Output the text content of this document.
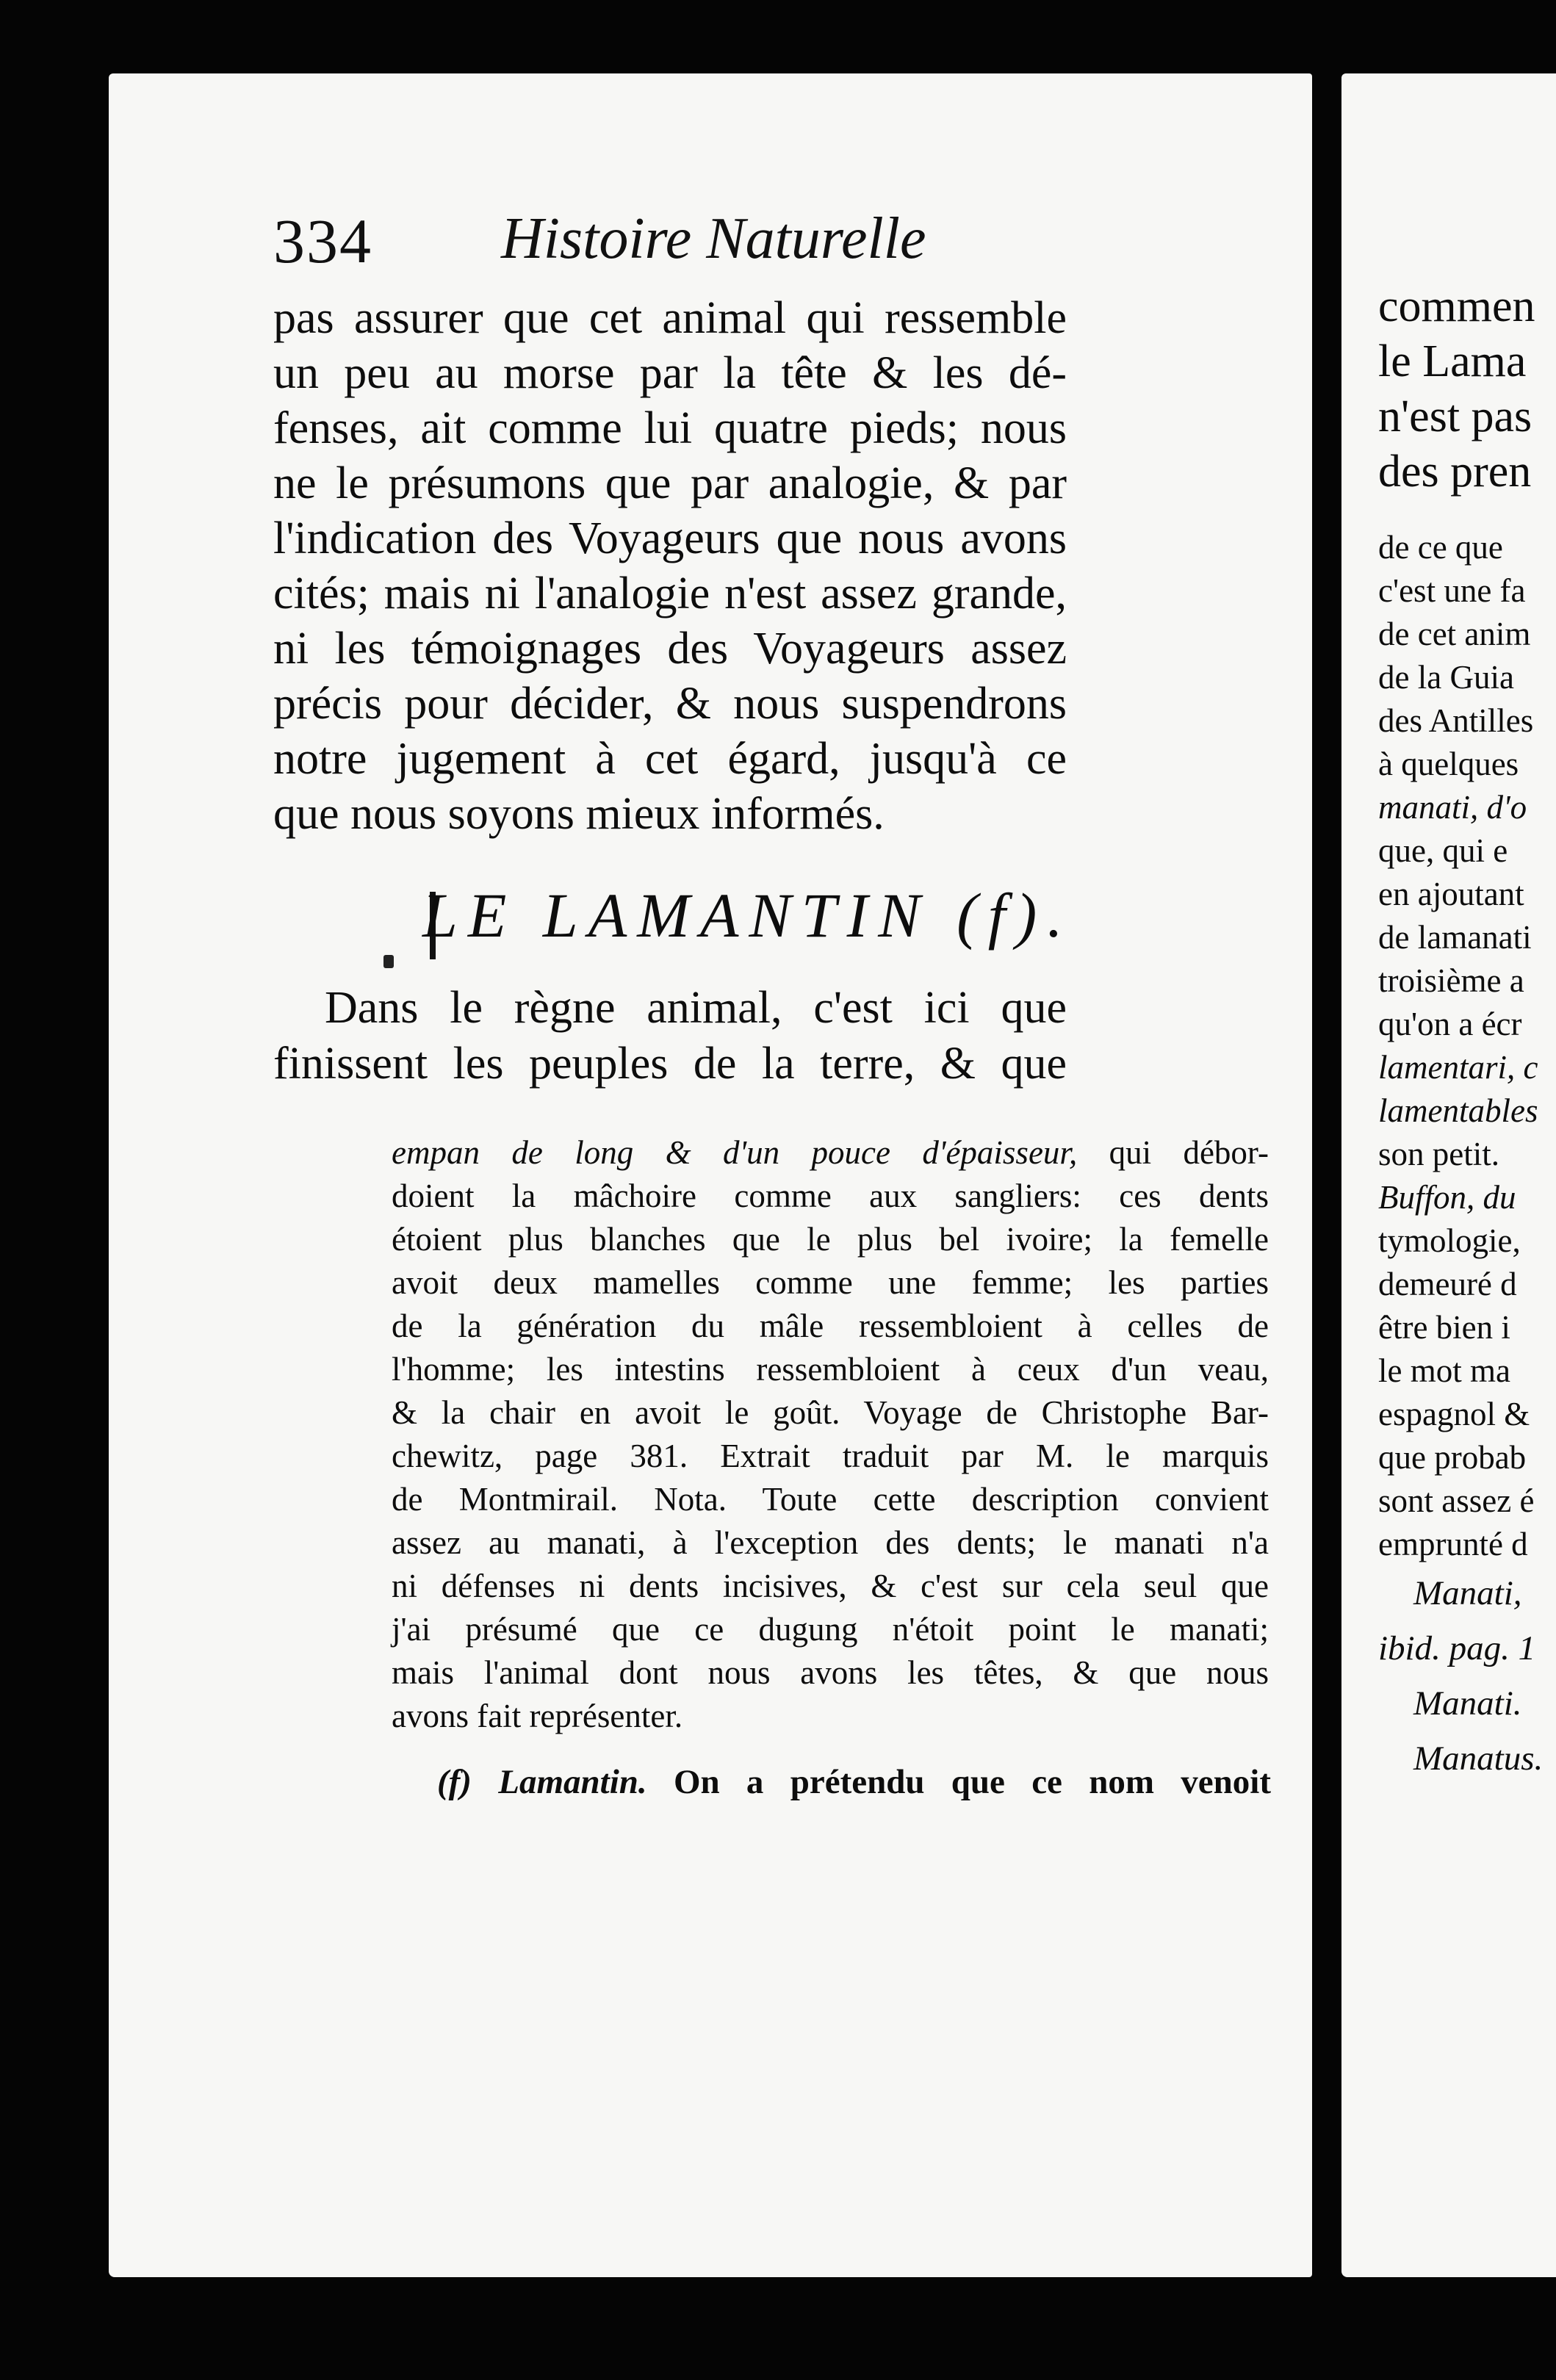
334 Histoire Naturelle
pas assurer que cet animal qui ressemble
un peu au morse par la tête & les dé-
fenses, ait comme lui quatre pieds; nous
ne le présumons que par analogie, & par
l'indication des Voyageurs que nous avons
cités; mais ni l'analogie n'est assez grande,
ni les témoignages des Voyageurs assez
précis pour décider, & nous suspendrons
notre jugement à cet égard, jusqu'à ce
que nous soyons mieux informés.
LE LAMANTIN (f).
Dans le règne animal, c'est ici que
finissent les peuples de la terre, & que
empan de long & d'un pouce d'épaisseur, qui débor-
doient la mâchoire comme aux sangliers: ces dents
étoient plus blanches que le plus bel ivoire; la femelle
avoit deux mamelles comme une femme; les parties
de la génération du mâle ressembloient à celles de
l'homme; les intestins ressembloient à ceux d'un veau,
& la chair en avoit le goût. Voyage de Christophe Bar-
chewitz, page 381. Extrait traduit par M. le marquis
de Montmirail. Nota. Toute cette description convient
assez au manati, à l'exception des dents; le manati n'a
ni défenses ni dents incisives, & c'est sur cela seul que
j'ai présumé que ce dugung n'étoit point le manati;
mais l'animal dont nous avons les têtes, & que nous
avons fait représenter.
(f) Lamantin. On a prétendu que ce nom venoit
commen
le Lama
n'est pas
des pren
de ce que
c'est une fa
de cet anim
de la Guia
des Antilles
à quelques
manati, d'o
que, qui e
en ajoutant
de lamanati
troisième a
qu'on a écr
lamentari, c
lamentables
son petit.
Buffon, du
tymologie,
demeuré d
être bien i
le mot ma
espagnol &
que probab
sont assez é
emprunté d
Manati,
ibid. pag. 1
Manati.
Manatus.
